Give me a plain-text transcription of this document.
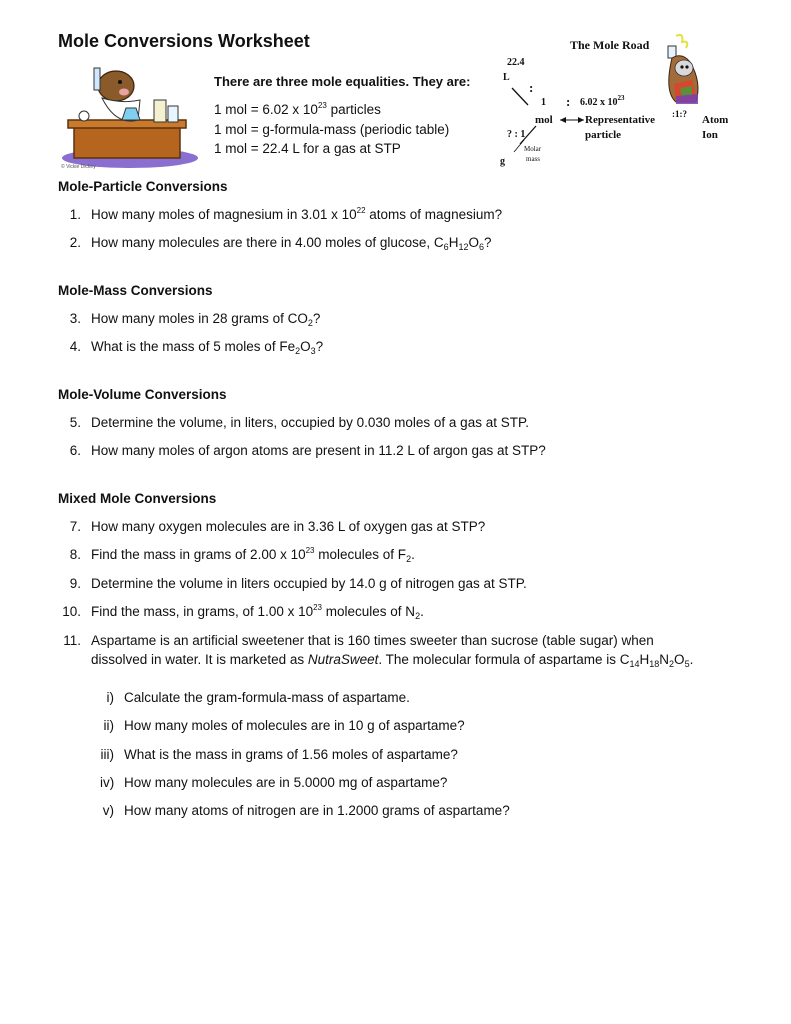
Mole Conversions Worksheet
© Vickie Dickey
There are three mole equalities. They are:
1 mol = 6.02 x $10^{23}$ particles
1 mol = g-formula-mass (periodic table)
1 mol = 22.4 L for a gas at STP
The Mole Road
22.4
L
:
1 : 6.02 x $10^{23}$
mol	Representative
particle
:1:? Atom
Ion
? : 1
Molar
mass
g
Mole-Particle Conversions
1. How many moles of magnesium in 3.01 x $10^{22}$ atoms of magnesium?
2. How many molecules are there in 4.00 moles of glucose, $C_6H_{12}O_6$?
Mole-Mass Conversions
3. How many moles in 28 grams of $CO_2$?
4. What is the mass of 5 moles of $Fe_2O_3$?
Mole-Volume Conversions
5. Determine the volume, in liters, occupied by 0.030 moles of a gas at STP.
6. How many moles of argon atoms are present in 11.2 L of argon gas at STP?
Mixed Mole Conversions
7. How many oxygen molecules are in 3.36 L of oxygen gas at STP?
8. Find the mass in grams of 2.00 x $10^{23}$ molecules of $F_2$.
9. Determine the volume in liters occupied by 14.0 g of nitrogen gas at STP.
10. Find the mass, in grams, of 1.00 x $10^{23}$ molecules of $N_2$.
11. Aspartame is an artificial sweetener that is 160 times sweeter than sucrose (table sugar) when
dissolved in water. It is marketed as NutraSweet. The molecular formula of aspartame is $C_{14}H_{18}N_2O_5$.
i) Calculate the gram-formula-mass of aspartame.
ii) How many moles of molecules are in 10 g of aspartame?
iii) What is the mass in grams of 1.56 moles of aspartame?
iv) How many molecules are in 5.0000 mg of aspartame?
v) How many atoms of nitrogen are in 1.2000 grams of aspartame?
